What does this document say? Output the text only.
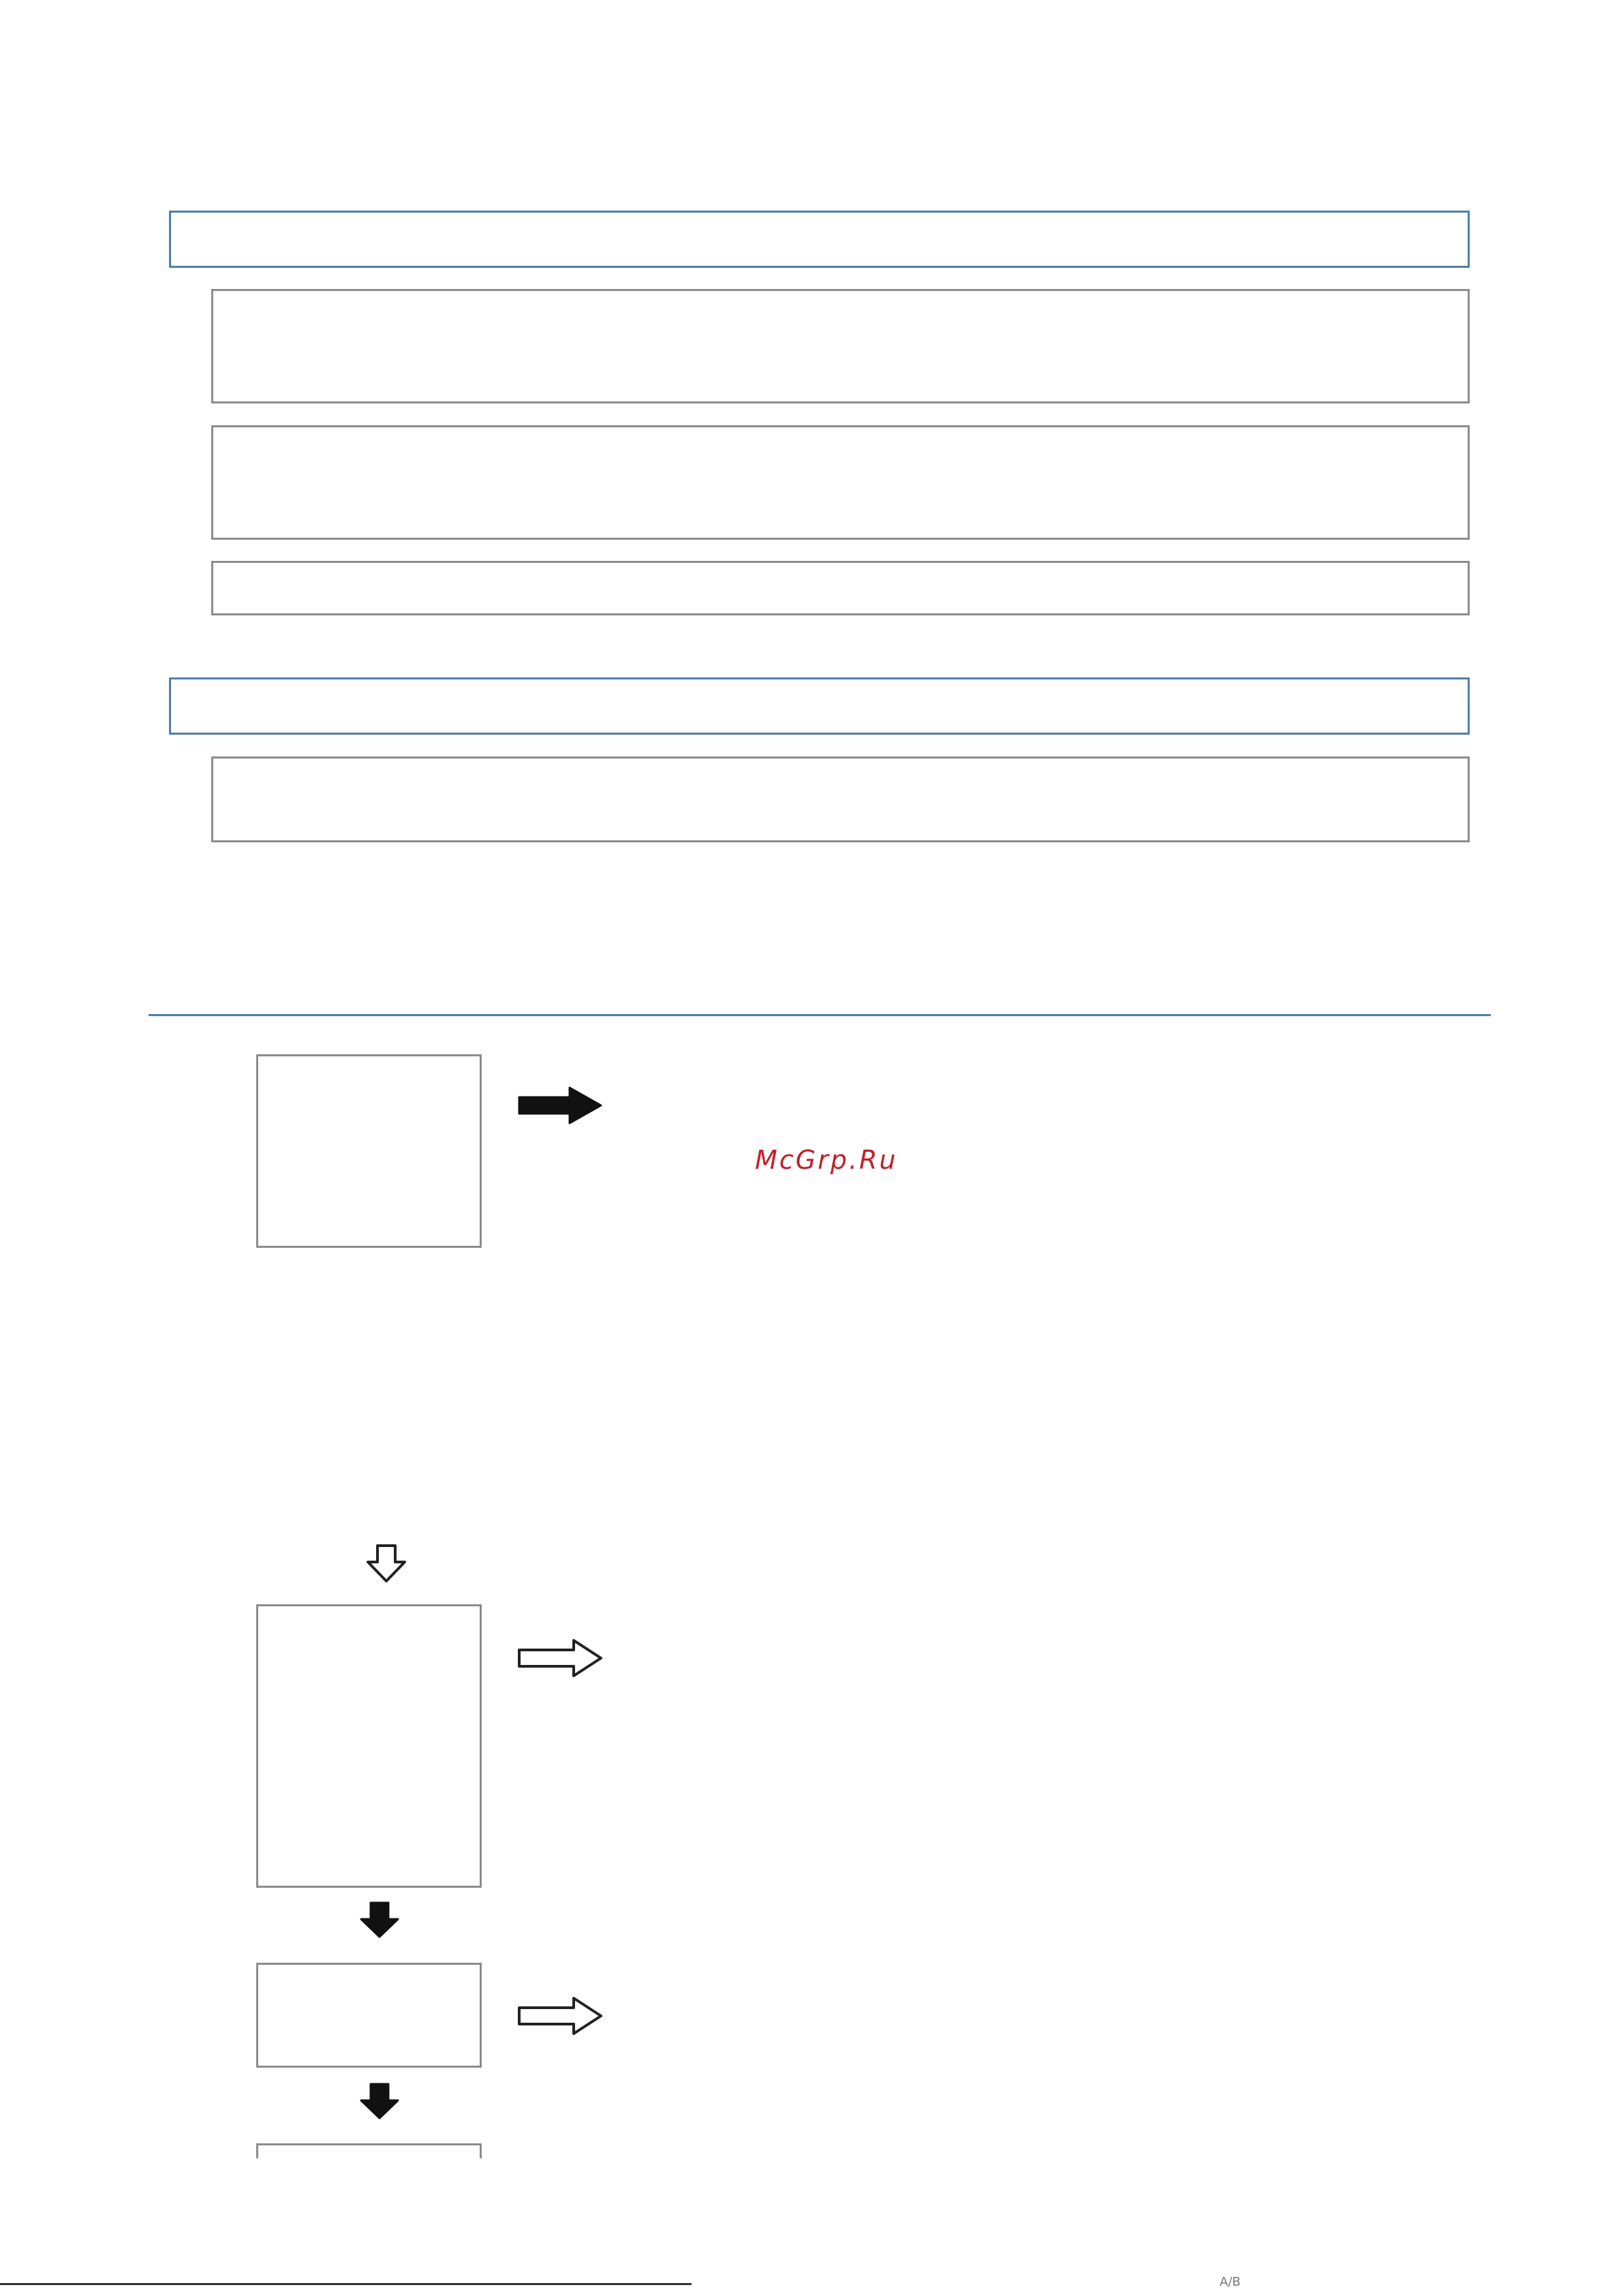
McGrp.Ru
A/B
